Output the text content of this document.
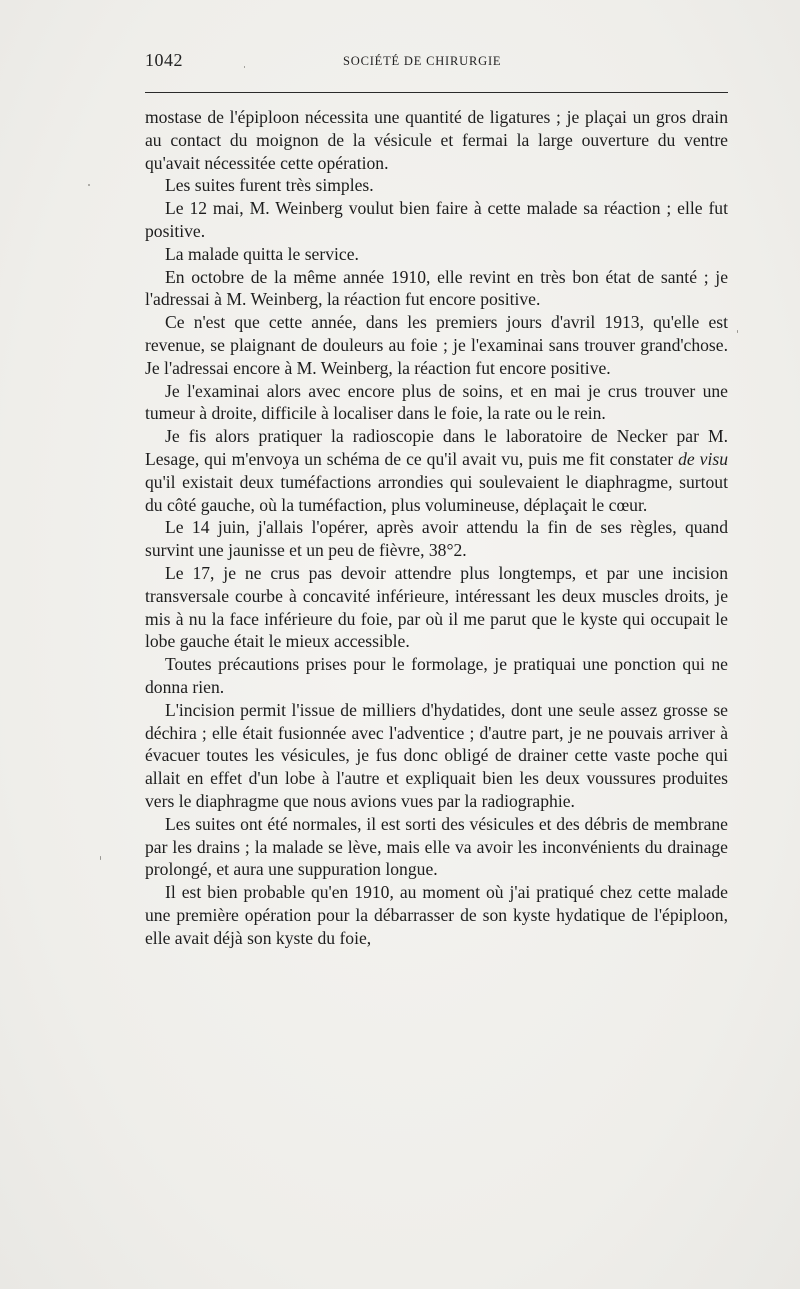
1042	SOCIÉTÉ DE CHIRURGIE

mostase de l'épiploon nécessita une quantité de ligatures ; je plaçai un gros drain au contact du moignon de la vésicule et fermai la large ouverture du ventre qu'avait nécessitée cette opération.

Les suites furent très simples.

Le 12 mai, M. Weinberg voulut bien faire à cette malade sa réaction ; elle fut positive.

La malade quitta le service.

En octobre de la même année 1910, elle revint en très bon état de santé ; je l'adressai à M. Weinberg, la réaction fut encore positive.

Ce n'est que cette année, dans les premiers jours d'avril 1913, qu'elle est revenue, se plaignant de douleurs au foie ; je l'examinai sans trouver grand'chose. Je l'adressai encore à M. Weinberg, la réaction fut encore positive.

Je l'examinai alors avec encore plus de soins, et en mai je crus trouver une tumeur à droite, difficile à localiser dans le foie, la rate ou le rein.

Je fis alors pratiquer la radioscopie dans le laboratoire de Necker par M. Lesage, qui m'envoya un schéma de ce qu'il avait vu, puis me fit constater de visu qu'il existait deux tuméfactions arrondies qui soulevaient le diaphragme, surtout du côté gauche, où la tuméfaction, plus volumineuse, déplaçait le cœur.

Le 14 juin, j'allais l'opérer, après avoir attendu la fin de ses règles, quand survint une jaunisse et un peu de fièvre, 38°2.

Le 17, je ne crus pas devoir attendre plus longtemps, et par une incision transversale courbe à concavité inférieure, intéressant les deux muscles droits, je mis à nu la face inférieure du foie, par où il me parut que le kyste qui occupait le lobe gauche était le mieux accessible.

Toutes précautions prises pour le formolage, je pratiquai une ponction qui ne donna rien.

L'incision permit l'issue de milliers d'hydatides, dont une seule assez grosse se déchira ; elle était fusionnée avec l'adventice ; d'autre part, je ne pouvais arriver à évacuer toutes les vésicules, je fus donc obligé de drainer cette vaste poche qui allait en effet d'un lobe à l'autre et expliquait bien les deux voussures produites vers le diaphragme que nous avions vues par la radiographie.

Les suites ont été normales, il est sorti des vésicules et des débris de membrane par les drains ; la malade se lève, mais elle va avoir les inconvénients du drainage prolongé, et aura une suppuration longue.

Il est bien probable qu'en 1910, au moment où j'ai pratiqué chez cette malade une première opération pour la débarrasser de son kyste hydatique de l'épiploon, elle avait déjà son kyste du foie,
